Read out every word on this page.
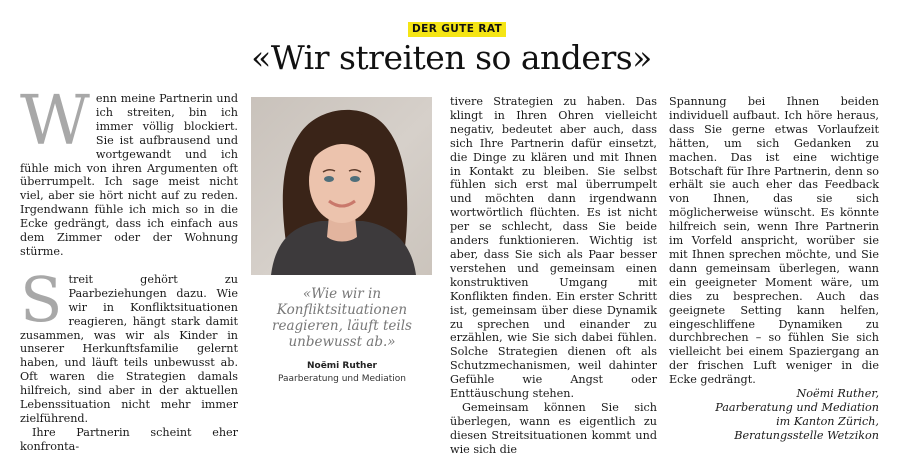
DER GUTE RAT
«Wir streiten so anders»

Wenn meine Partnerin und ich streiten, bin ich immer völlig blockiert. Sie ist aufbrausend und wortgewandt und ich fühle mich von ihren Argumenten oft überrumpelt. Ich sage meist nicht viel, aber sie hört nicht auf zu reden. Irgendwann fühle ich mich so in die Ecke gedrängt, dass ich einfach aus dem Zimmer oder der Wohnung stürme.

Streit gehört zu Paarbeziehungen dazu. Wie wir in Konfliktsituationen reagieren, hängt stark damit zusammen, was wir als Kinder in unserer Herkunftsfamilie gelernt haben, und läuft teils unbewusst ab. Oft waren die Strategien damals hilfreich, sind aber in der aktuellen Lebenssituation nicht mehr immer zielführend.

Ihre Partnerin scheint eher konfronta-

«Wie wir in Konfliktsituationen reagieren, läuft teils unbewusst ab.»
Noëmi Ruther
Paarberatung und Mediation

tivere Strategien zu haben. Das klingt in Ihren Ohren vielleicht negativ, bedeutet aber auch, dass sich Ihre Partnerin dafür einsetzt, die Dinge zu klären und mit Ihnen in Kontakt zu bleiben. Sie selbst fühlen sich erst mal überrumpelt und möchten dann irgendwann wortwörtlich flüchten. Es ist nicht per se schlecht, dass Sie beide anders funktionieren. Wichtig ist aber, dass Sie sich als Paar besser verstehen und gemeinsam einen konstruktiven Umgang mit Konflikten finden. Ein erster Schritt ist, gemeinsam über diese Dynamik zu sprechen und einander zu erzählen, wie Sie sich dabei fühlen. Solche Strategien dienen oft als Schutzmechanismen, weil dahinter Gefühle wie Angst oder Enttäuschung stehen.

Gemeinsam können Sie sich überlegen, wann es eigentlich zu diesen Streitsituationen kommt und wie sich die

Spannung bei Ihnen beiden individuell aufbaut. Ich höre heraus, dass Sie gerne etwas Vorlaufzeit hätten, um sich Gedanken zu machen. Das ist eine wichtige Botschaft für Ihre Partnerin, denn so erhält sie auch eher das Feedback von Ihnen, das sie sich möglicherweise wünscht. Es könnte hilfreich sein, wenn Ihre Partnerin im Vorfeld anspricht, worüber sie mit Ihnen sprechen möchte, und Sie dann gemeinsam überlegen, wann ein geeigneter Moment wäre, um dies zu besprechen. Auch das geeignete Setting kann helfen, eingeschliffene Dynamiken zu durchbrechen – so fühlen Sie sich vielleicht bei einem Spaziergang an der frischen Luft weniger in die Ecke gedrängt.

Noëmi Ruther,

Paarberatung und Mediation

im Kanton Zürich,

Beratungsstelle Wetzikon
